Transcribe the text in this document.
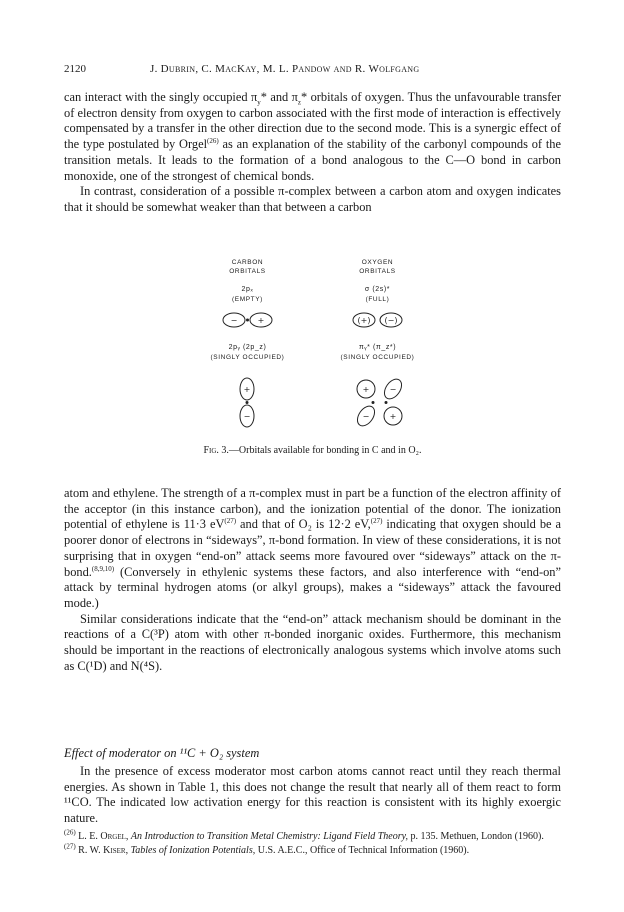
2120	J. Dubrin, C. MacKay, M. L. Pandow and R. Wolfgang

can interact with the singly occupied $\pi_y*$ and $\pi_z*$ orbitals of oxygen. Thus the unfavourable transfer of electron density from oxygen to carbon associated with the first mode of interaction is effectively compensated by a transfer in the other direction due to the second mode. This is a synergic effect of the type postulated by Orgel$^{(26)}$ as an explanation of the stability of the carbonyl compounds of the transition metals. It leads to the formation of a bond analogous to the C—O bond in carbon monoxide, one of the strongest of chemical bonds.

In contrast, consideration of a possible π-complex between a carbon atom and oxygen indicates that it should be somewhat weaker than that between a carbon

CARBON
ORBITALS
OXYGEN
ORBITALS
2pₓ
(EMPTY)
σ (2s)*
(FULL)
2pᵧ (2p_z)
(SINGLY OCCUPIED)
πᵧ* (π_z*)
(SINGLY OCCUPIED)
−	+	(+) (−)
+
−
+	−
−	+
Fig. 3.—Orbitals available for bonding in C and in O₂.

atom and ethylene. The strength of a π-complex must in part be a function of the electron affinity of the acceptor (in this instance carbon), and the ionization potential of the donor. The ionization potential of ethylene is 11·3 $eV^{(27)}$ and that of O₂ is 12·2 eV,$^{(27)}$ indicating that oxygen should be a poorer donor of electrons in “sideways”, π-bond formation. In view of these considerations, it is not surprising that in oxygen “end-on” attack seems more favoured over “sideways” attack on the π-bond.$^{(8,9,10)}$ (Conversely in ethylenic systems these factors, and also interference with “end-on” attack by terminal hydrogen atoms (or alkyl groups), makes a “sideways” attack the favoured mode.)

Similar considerations indicate that the “end-on” attack mechanism should be dominant in the reactions of a C(³P) atom with other π-bonded inorganic oxides. Furthermore, this mechanism should be important in the reactions of electronically analogous systems which involve atoms such as C(¹D) and N(⁴S).

Effect of moderator on ¹¹C + O₂ system

In the presence of excess moderator most carbon atoms cannot react until they reach thermal energies. As shown in Table 1, this does not change the result that nearly all of them react to form ¹¹CO. The indicated low activation energy for this reaction is consistent with its highly exoergic nature.

$^{(26)}$ L. E. Orgel, An Introduction to Transition Metal Chemistry: Ligand Field Theory, p. 135. Methuen, London (1960).

$^{(27)}$ R. W. Kiser, Tables of Ionization Potentials, U.S. A.E.C., Office of Technical Information (1960).
